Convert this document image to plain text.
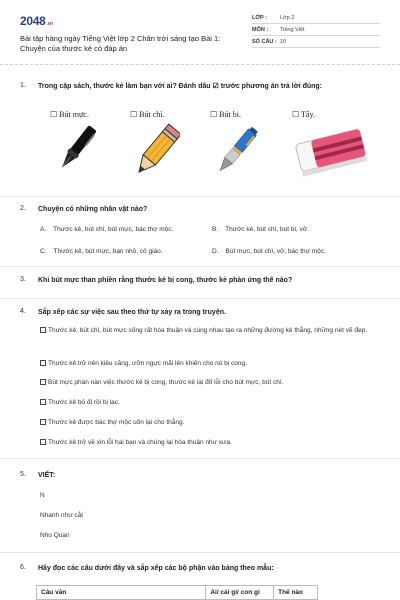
2048.vn
Bài tập hàng ngày Tiếng Việt lớp 2 Chân trời sáng tạo Bài 1: Chuyện của thước kẻ có đáp án
LỚP :	Lớp 2
MÔN :	Tiếng Việt
SỐ CÂU : 10
1. Trong cặp sách, thước kẻ làm bạn với ai? Đánh dấu ☑ trước phương án trả lời đúng:
☐ Bút mực.	☐ Bút chì.	☐ Bút bi.	☐ Tẩy.
2. Chuyện có những nhân vật nào?
A. Thước kẻ, bút chì, bút mực, bác thợ mộc.	B. Thước kẻ, bút chì, bút bi, vở.
C. Thước kẻ, bút mực, bạn nhỏ, cô giáo.	D. Bút mực, bút chì, vở, bác thợ mộc.
3. Khi bút mực than phiền rằng thước kẻ bị cong, thước kẻ phản ứng thế nào?
4. Sắp xếp các sự việc sau theo thứ tự xảy ra trong truyện.
Thước kẻ, bút chì, bút mực sống rất hòa thuận và cùng nhau tạo ra những đường kẻ thẳng, những nét vẽ đẹp.
Thước kẻ trở nên kiêu căng, ưỡn ngực mãi lên khiến cho nó bị cong.
Bút mực phàn nàn việc thước kẻ bị cong, thước kẻ lại đổ lỗi cho bút mực, bút chì.
Thước kẻ bỏ đi rồi bị lạc.
Thước kẻ được bác thợ mộc uốn lại cho thẳng.
Thước kẻ trở về xin lỗi hai bạn và chúng lại hòa thuận như xưa.
5. VIẾT:
N
Nhanh như cắt
Nho Quan
6. Hãy đọc các câu dưới đây và sắp xếp các bộ phận vào bảng theo mẫu:
Câu văn	Ai/ cái gì/ con gì	Thế nào
